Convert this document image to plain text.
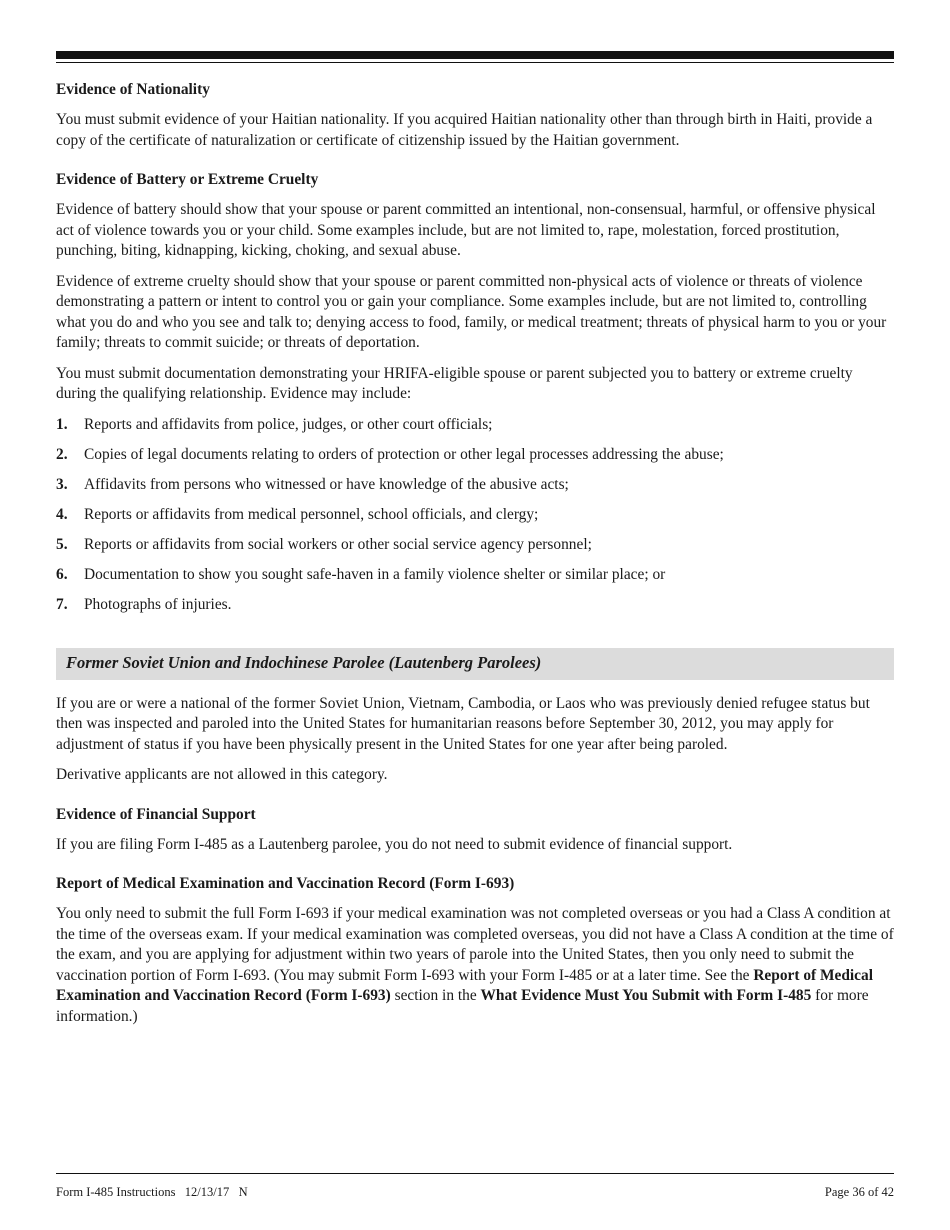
Evidence of Nationality

You must submit evidence of your Haitian nationality. If you acquired Haitian nationality other than through birth in Haiti, provide a copy of the certificate of naturalization or certificate of citizenship issued by the Haitian government.

Evidence of Battery or Extreme Cruelty

Evidence of battery should show that your spouse or parent committed an intentional, non-consensual, harmful, or offensive physical act of violence towards you or your child. Some examples include, but are not limited to, rape, molestation, forced prostitution, punching, biting, kidnapping, kicking, choking, and sexual abuse.

Evidence of extreme cruelty should show that your spouse or parent committed non-physical acts of violence or threats of violence demonstrating a pattern or intent to control you or gain your compliance. Some examples include, but are not limited to, controlling what you do and who you see and talk to; denying access to food, family, or medical treatment; threats of physical harm to you or your family; threats to commit suicide; or threats of deportation.

You must submit documentation demonstrating your HRIFA-eligible spouse or parent subjected you to battery or extreme cruelty during the qualifying relationship. Evidence may include:

1.	Reports and affidavits from police, judges, or other court officials;
2.	Copies of legal documents relating to orders of protection or other legal processes addressing the abuse;
3.	Affidavits from persons who witnessed or have knowledge of the abusive acts;
4.	Reports or affidavits from medical personnel, school officials, and clergy;
5.	Reports or affidavits from social workers or other social service agency personnel;
6.	Documentation to show you sought safe-haven in a family violence shelter or similar place; or
7.	Photographs of injuries.
Former Soviet Union and Indochinese Parolee (Lautenberg Parolees)

If you are or were a national of the former Soviet Union, Vietnam, Cambodia, or Laos who was previously denied refugee status but then was inspected and paroled into the United States for humanitarian reasons before September 30, 2012, you may apply for adjustment of status if you have been physically present in the United States for one year after being paroled.

Derivative applicants are not allowed in this category.

Evidence of Financial Support

If you are filing Form I-485 as a Lautenberg parolee, you do not need to submit evidence of financial support.

Report of Medical Examination and Vaccination Record (Form I-693)

You only need to submit the full Form I-693 if your medical examination was not completed overseas or you had a Class A condition at the time of the overseas exam. If your medical examination was completed overseas, you did not have a Class A condition at the time of the exam, and you are applying for adjustment within two years of parole into the United States, then you only need to submit the vaccination portion of Form I-693. (You may submit Form I-693 with your Form I-485 or at a later time. See the Report of Medical Examination and Vaccination Record (Form I-693) section in the What Evidence Must You Submit with Form I-485 for more information.)

Form I-485 Instructions   12/13/17   N	Page 36 of 42
